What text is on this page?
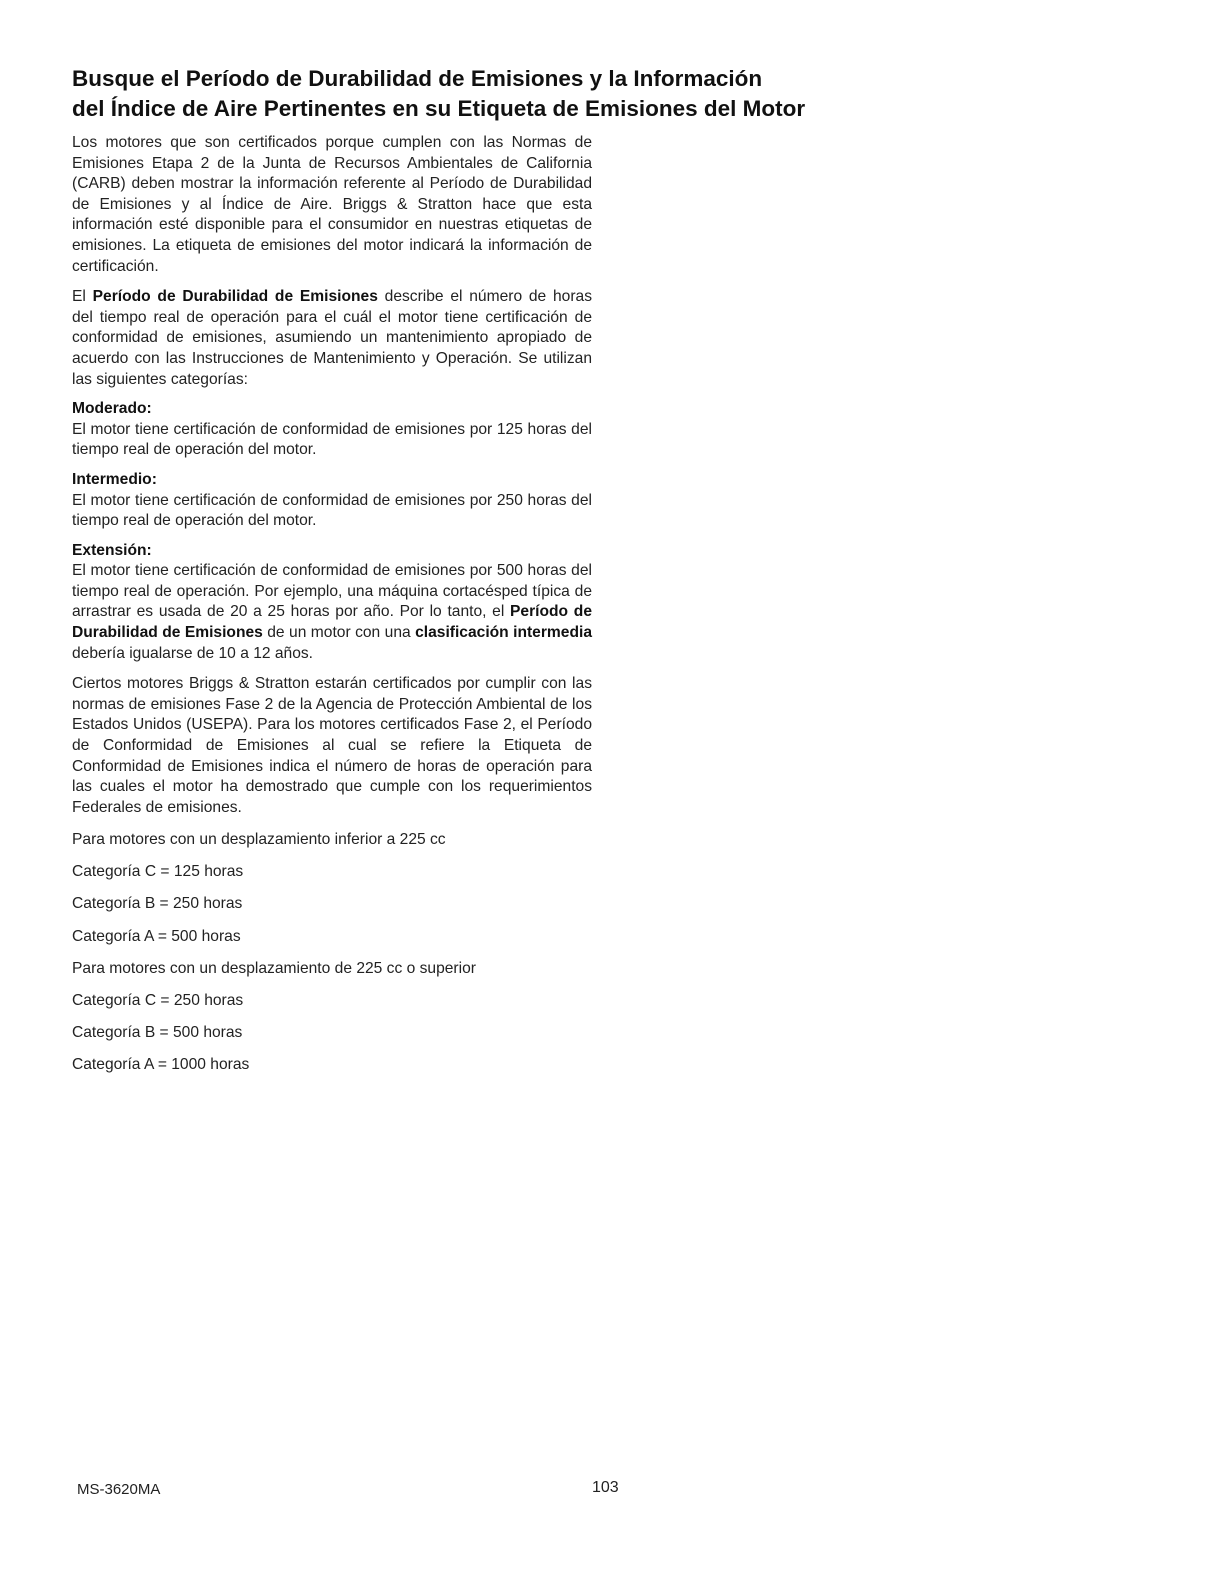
Busque el Período de Durabilidad de Emisiones y la Información
del Índice de Aire Pertinentes en su Etiqueta de Emisiones del Motor

Los motores que son certificados porque cumplen con las Normas de Emisiones Etapa 2 de la Junta de Recursos Ambientales de California (CARB) deben mostrar la información referente al Período de Durabilidad de Emisiones y al Índice de Aire. Briggs & Stratton hace que esta información esté disponible para el consumidor en nuestras etiquetas de emisiones. La etiqueta de emisiones del motor indicará la información de certificación.

El Período de Durabilidad de Emisiones describe el número de horas del tiempo real de operación para el cuál el motor tiene certificación de conformidad de emisiones, asumiendo un mantenimiento apropiado de acuerdo con las Instrucciones de Mantenimiento y Operación. Se utilizan las siguientes categorías:

Moderado:

El motor tiene certificación de conformidad de emisiones por 125 horas del tiempo real de operación del motor.

Intermedio:

El motor tiene certificación de conformidad de emisiones por 250 horas del tiempo real de operación del motor.

Extensión:

El motor tiene certificación de conformidad de emisiones por 500 horas del tiempo real de operación. Por ejemplo, una máquina cortacésped típica de arrastrar es usada de 20 a 25 horas por año. Por lo tanto, el Período de Durabilidad de Emisiones de un motor con una clasificación intermedia debería igualarse de 10 a 12 años.

Ciertos motores Briggs & Stratton estarán certificados por cumplir con las normas de emisiones Fase 2 de la Agencia de Protección Ambiental de los Estados Unidos (USEPA). Para los motores certificados Fase 2, el Período de Conformidad de Emisiones al cual se refiere la Etiqueta de Conformidad de Emisiones indica el número de horas de operación para las cuales el motor ha demostrado que cumple con los requerimientos Federales de emisiones.

Para motores con un desplazamiento inferior a 225 cc

Categoría C = 125 horas

Categoría B = 250 horas

Categoría A = 500 horas

Para motores con un desplazamiento de 225 cc o superior

Categoría C = 250 horas

Categoría B = 500 horas

Categoría A = 1000 horas

MS-3620MA	103
